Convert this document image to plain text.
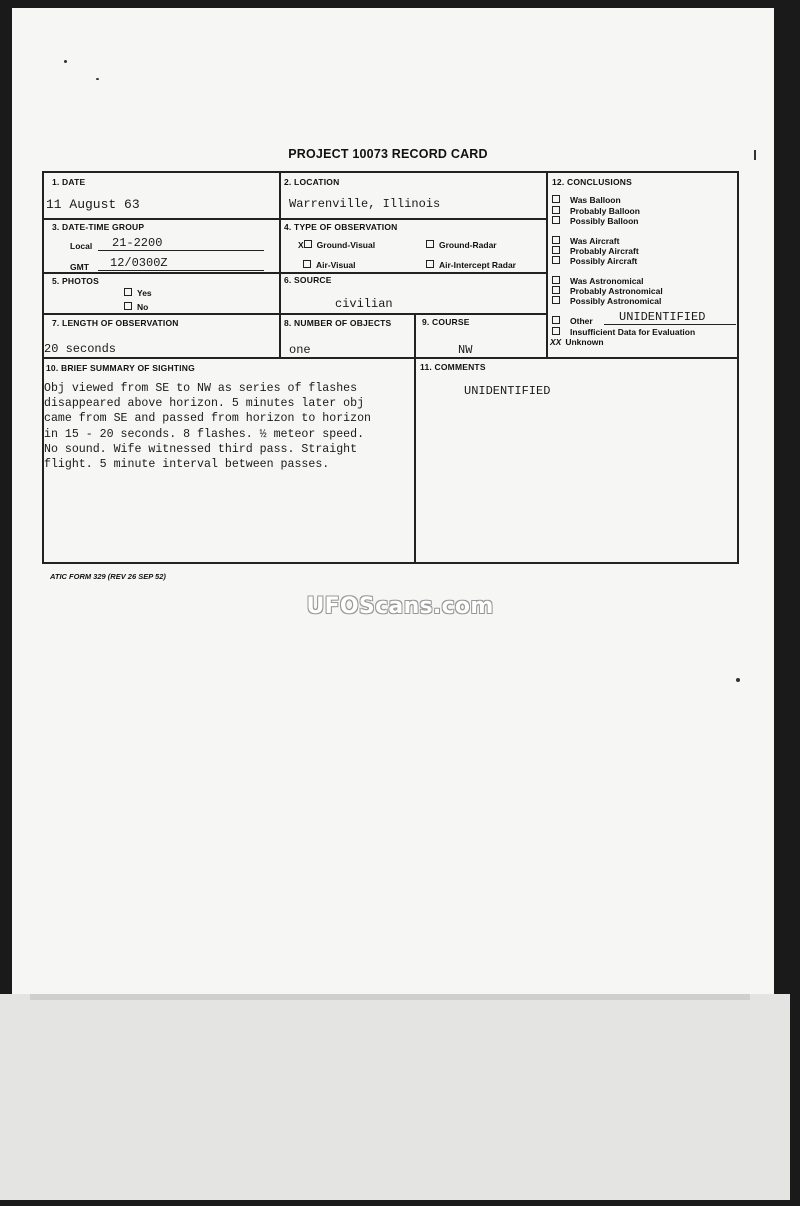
PROJECT 10073 RECORD CARD
1. DATE
11 August 63
2. LOCATION
Warrenville, Illinois
3. DATE-TIME GROUP
Local 21-2200
GMT 12/0300Z
4. TYPE OF OBSERVATION
X Ground-Visual	Ground-Radar
Air-Visual	Air-Intercept Radar
5. PHOTOS
Yes
No
6. SOURCE
civilian
7. LENGTH OF OBSERVATION
20 seconds
8. NUMBER OF OBJECTS
one
9. COURSE
NW
10. BRIEF SUMMARY OF SIGHTING
Obj viewed from SE to NW as series of flashes
disappeared above horizon. 5 minutes later obj
came from SE and passed from horizon to horizon
in 15 - 20 seconds. 8 flashes. ½ meteor speed.
No sound. Wife witnessed third pass. Straight
flight. 5 minute interval between passes.
11. COMMENTS
UNIDENTIFIED
12. CONCLUSIONS
Was Balloon
Probably Balloon
Possibly Balloon
Was Aircraft
Probably Aircraft
Possibly Aircraft
Was Astronomical
Probably Astronomical
Possibly Astronomical
Other UNIDENTIFIED
Insufficient Data for Evaluation
XX Unknown
ATIC FORM 329 (REV 26 SEP 52)
UFOScans.com
